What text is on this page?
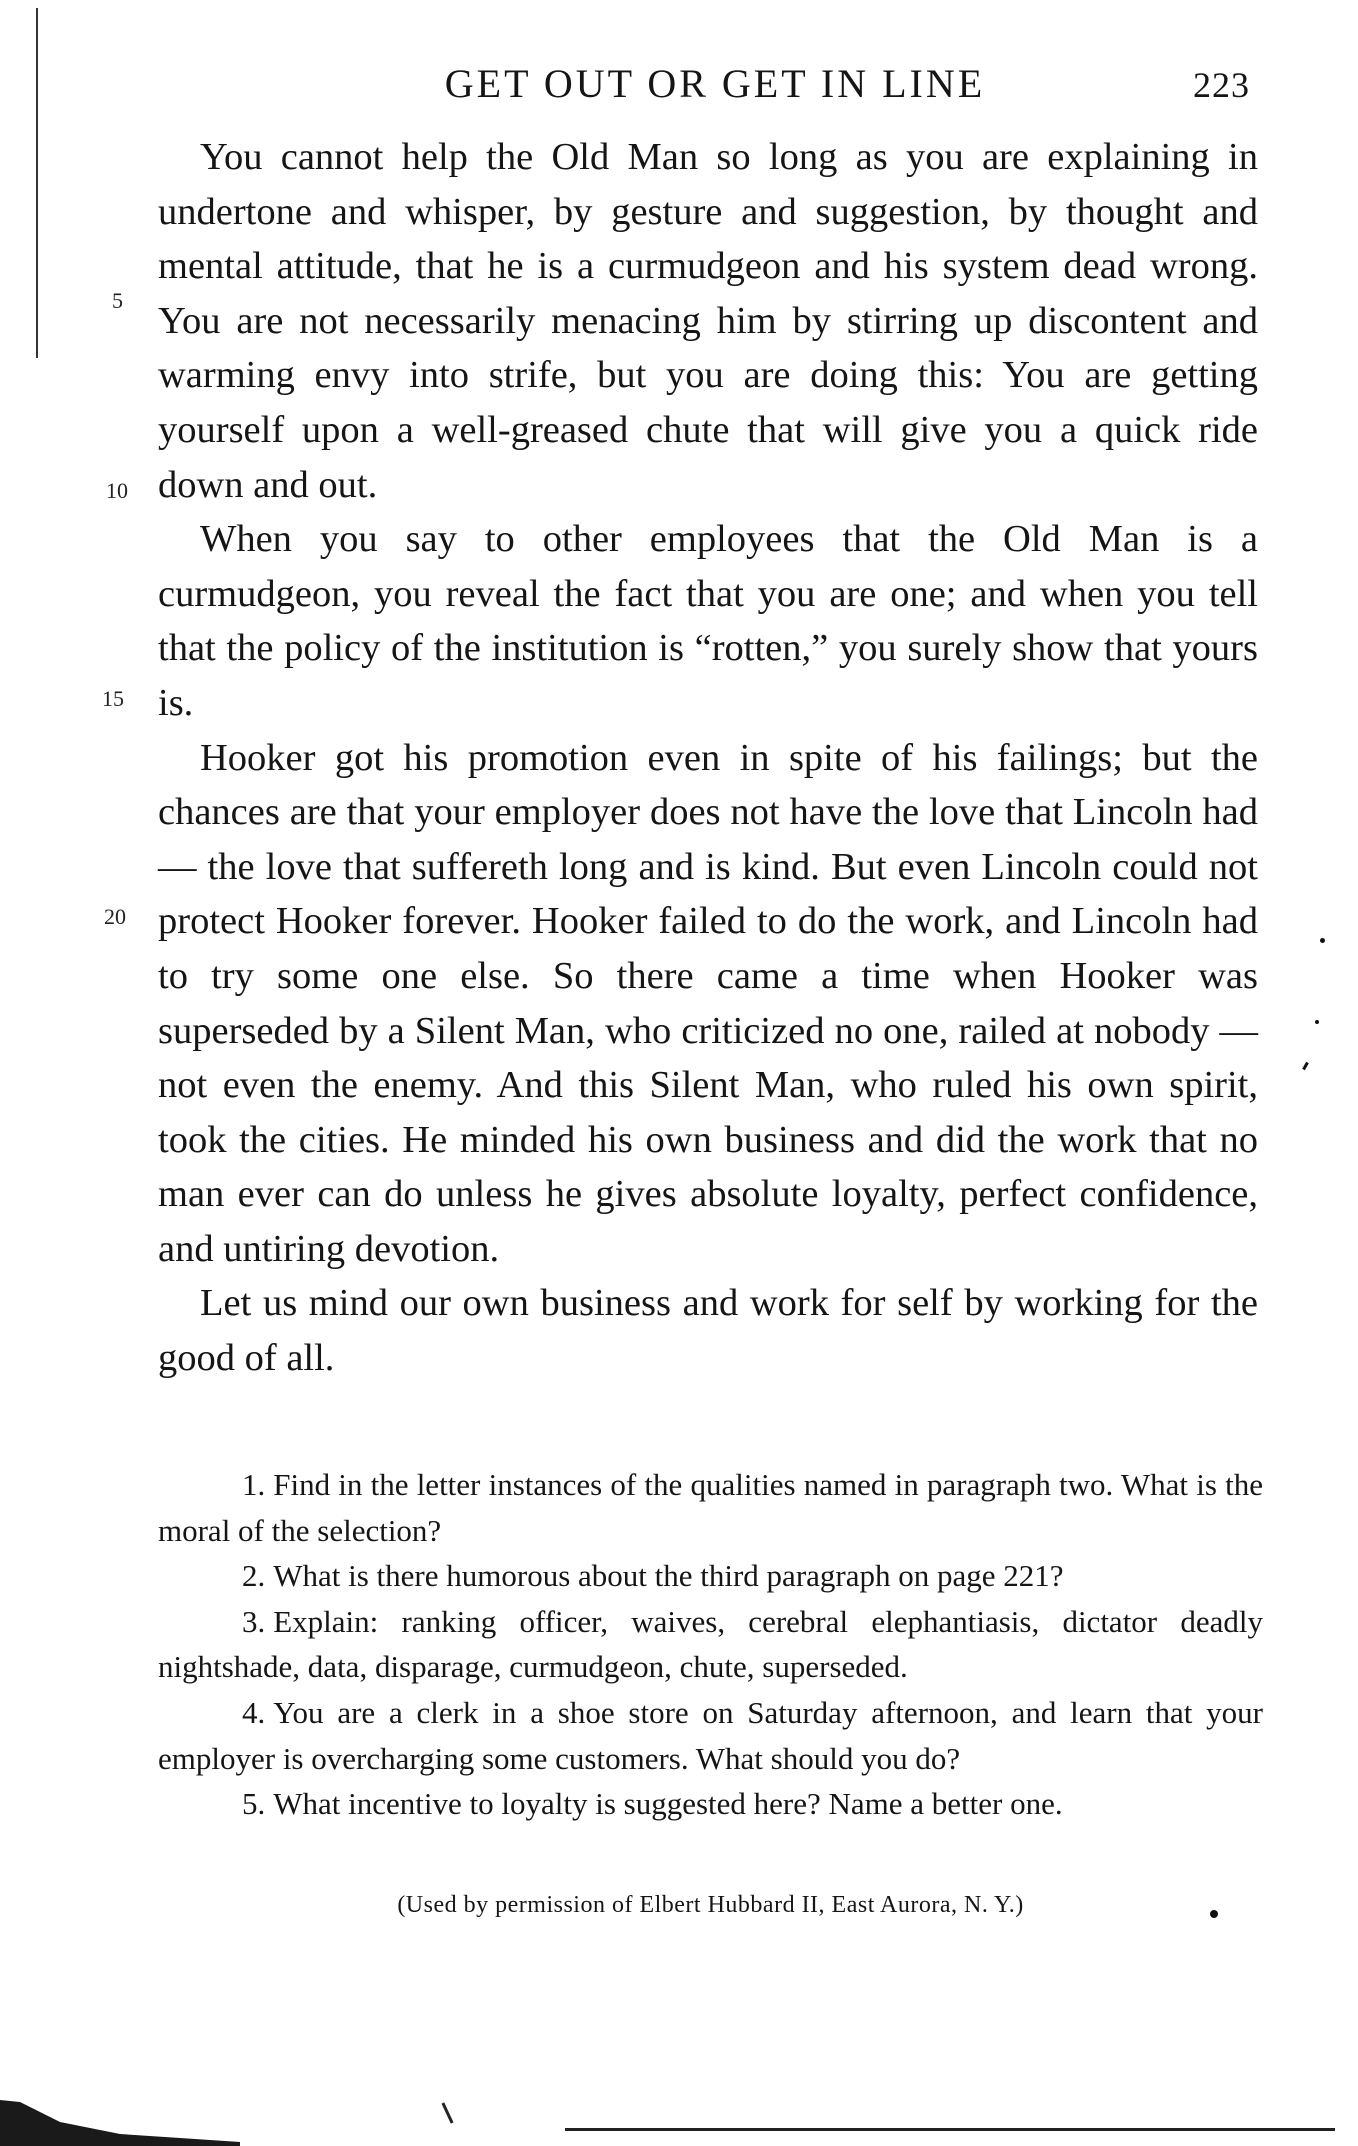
GET OUT OR GET IN LINE	223
5
10
15
20

You cannot help the Old Man so long as you are explaining in undertone and whisper, by gesture and suggestion, by thought and mental attitude, that he is a curmudgeon and his system dead wrong. You are not necessarily menacing him by stirring up discontent and warming envy into strife, but you are doing this: You are getting yourself upon a well-greased chute that will give you a quick ride down and out.

When you say to other employees that the Old Man is a curmudgeon, you reveal the fact that you are one; and when you tell that the policy of the institution is “rotten,” you surely show that yours is.

Hooker got his promotion even in spite of his failings; but the chances are that your employer does not have the love that Lincoln had — the love that suffereth long and is kind. But even Lincoln could not protect Hooker forever. Hooker failed to do the work, and Lincoln had to try some one else. So there came a time when Hooker was superseded by a Silent Man, who criticized no one, railed at nobody — not even the enemy. And this Silent Man, who ruled his own spirit, took the cities. He minded his own business and did the work that no man ever can do unless he gives absolute loyalty, perfect confidence, and untiring devotion.

Let us mind our own business and work for self by working for the good of all.

1. Find in the letter instances of the qualities named in paragraph two. What is the moral of the selection?

2. What is there humorous about the third paragraph on page 221?

3. Explain: ranking officer, waives, cerebral elephantiasis, dictator deadly nightshade, data, disparage, curmudgeon, chute, superseded.

4. You are a clerk in a shoe store on Saturday afternoon, and learn that your employer is overcharging some customers. What should you do?

5. What incentive to loyalty is suggested here? Name a better one.

(Used by permission of Elbert Hubbard II, East Aurora, N. Y.)
